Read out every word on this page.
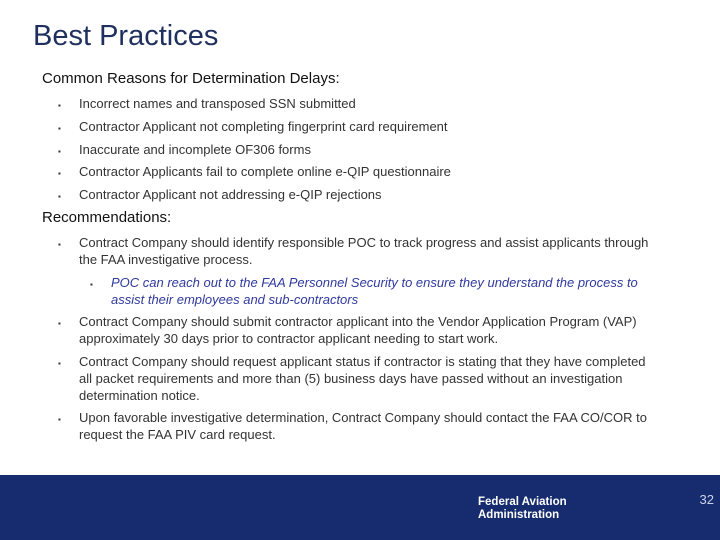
Best Practices
Common Reasons for Determination Delays:
▪ Incorrect names and transposed SSN submitted
▪ Contractor Applicant not completing fingerprint card requirement
▪ Inaccurate and incomplete OF306 forms
▪ Contractor Applicants fail to complete online e-QIP questionnaire
▪ Contractor Applicant not addressing e-QIP rejections
Recommendations:
▪ Contract Company should identify responsible POC to track progress and assist applicants through the FAA investigative process.
▪ POC can reach out to the FAA Personnel Security to ensure they understand the process to assist their employees and sub-contractors
▪ Contract Company should submit contractor applicant into the Vendor Application Program (VAP) approximately 30 days prior to contractor applicant needing to start work.
▪ Contract Company should request applicant status if contractor is stating that they have completed all packet requirements and more than (5) business days have passed without an investigation determination notice.
▪ Upon favorable investigative determination, Contract Company should contact the FAA CO/COR to request the FAA PIV card request.
Federal Aviation
Administration
32
